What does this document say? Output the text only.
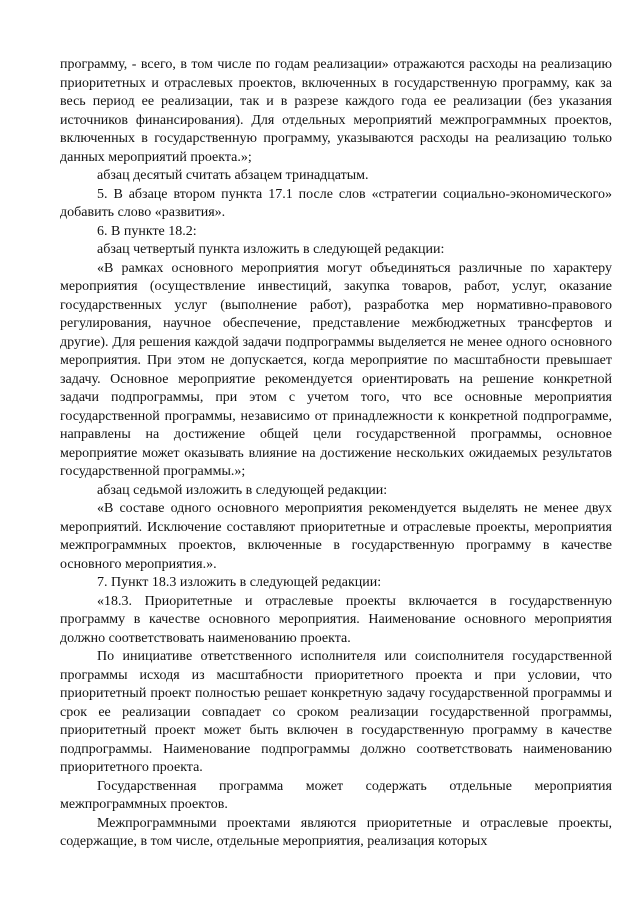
программу, - всего, в том числе по годам реализации» отражаются расходы на реализацию приоритетных и отраслевых проектов, включенных в государственную программу, как за весь период ее реализации, так и в разрезе каждого года ее реализации (без указания источников финансирования). Для отдельных мероприятий межпрограммных проектов, включенных в государственную программу, указываются расходы на реализацию только данных мероприятий проекта.»;

абзац десятый считать абзацем тринадцатым.

5. В абзаце втором пункта 17.1 после слов «стратегии социально-экономического» добавить слово «развития».

6. В пункте 18.2:

абзац четвертый пункта изложить в следующей редакции:

«В рамках основного мероприятия могут объединяться различные по характеру мероприятия (осуществление инвестиций, закупка товаров, работ, услуг, оказание государственных услуг (выполнение работ), разработка мер нормативно-правового регулирования, научное обеспечение, представление межбюджетных трансфертов и другие). Для решения каждой задачи подпрограммы выделяется не менее одного основного мероприятия. При этом не допускается, когда мероприятие по масштабности превышает задачу. Основное мероприятие рекомендуется ориентировать на решение конкретной задачи подпрограммы, при этом с учетом того, что все основные мероприятия государственной программы, независимо от принадлежности к конкретной подпрограмме, направлены на достижение общей цели государственной программы, основное мероприятие может оказывать влияние на достижение нескольких ожидаемых результатов государственной программы.»;

абзац седьмой изложить в следующей редакции:

«В составе одного основного мероприятия рекомендуется выделять не менее двух мероприятий. Исключение составляют приоритетные и отраслевые проекты, мероприятия межпрограммных проектов, включенные в государственную программу в качестве основного мероприятия.».

7. Пункт 18.3 изложить в следующей редакции:

«18.3. Приоритетные и отраслевые проекты включается в государственную программу в качестве основного мероприятия. Наименование основного мероприятия должно соответствовать наименованию проекта.

По инициативе ответственного исполнителя или соисполнителя государственной программы исходя из масштабности приоритетного проекта и при условии, что приоритетный проект полностью решает конкретную задачу государственной программы и срок ее реализации совпадает со сроком реализации государственной программы, приоритетный проект может быть включен в государственную программу в качестве подпрограммы. Наименование подпрограммы должно соответствовать наименованию приоритетного проекта.

Государственная программа может содержать отдельные мероприятия межпрограммных проектов.

Межпрограммными проектами являются приоритетные и отраслевые проекты, содержащие, в том числе, отдельные мероприятия, реализация которых
